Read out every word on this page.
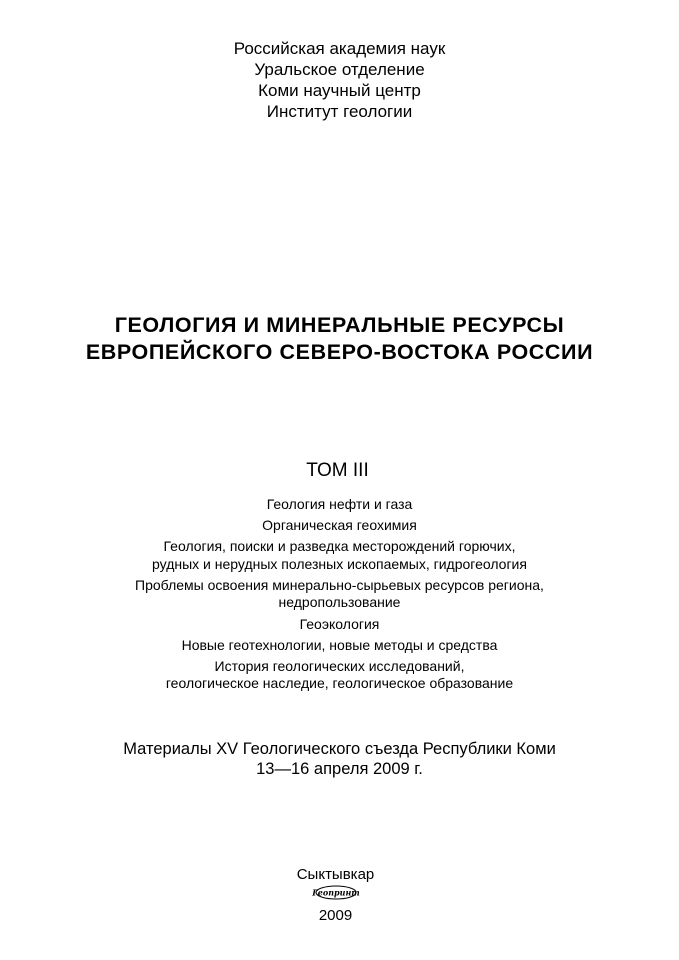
Российская академия наук
Уральское отделение
Коми научный центр
Институт геологии
ГЕОЛОГИЯ И МИНЕРАЛЬНЫЕ РЕСУРСЫ
ЕВРОПЕЙСКОГО СЕВЕРО-ВОСТОКА РОССИИ
ТОМ III
Геология нефти и газа
Органическая геохимия
Геология, поиски и разведка месторождений горючих,
рудных и нерудных полезных ископаемых, гидрогеология
Проблемы освоения минерально-сырьевых ресурсов региона,
недропользование
Геоэкология
Новые геотехнологии, новые методы и средства
История геологических исследований,
геологическое наследие, геологическое образование
Материалы XV Геологического съезда Республики Коми
13—16 апреля 2009 г.
Сыктывкар
Геопринт
2009
